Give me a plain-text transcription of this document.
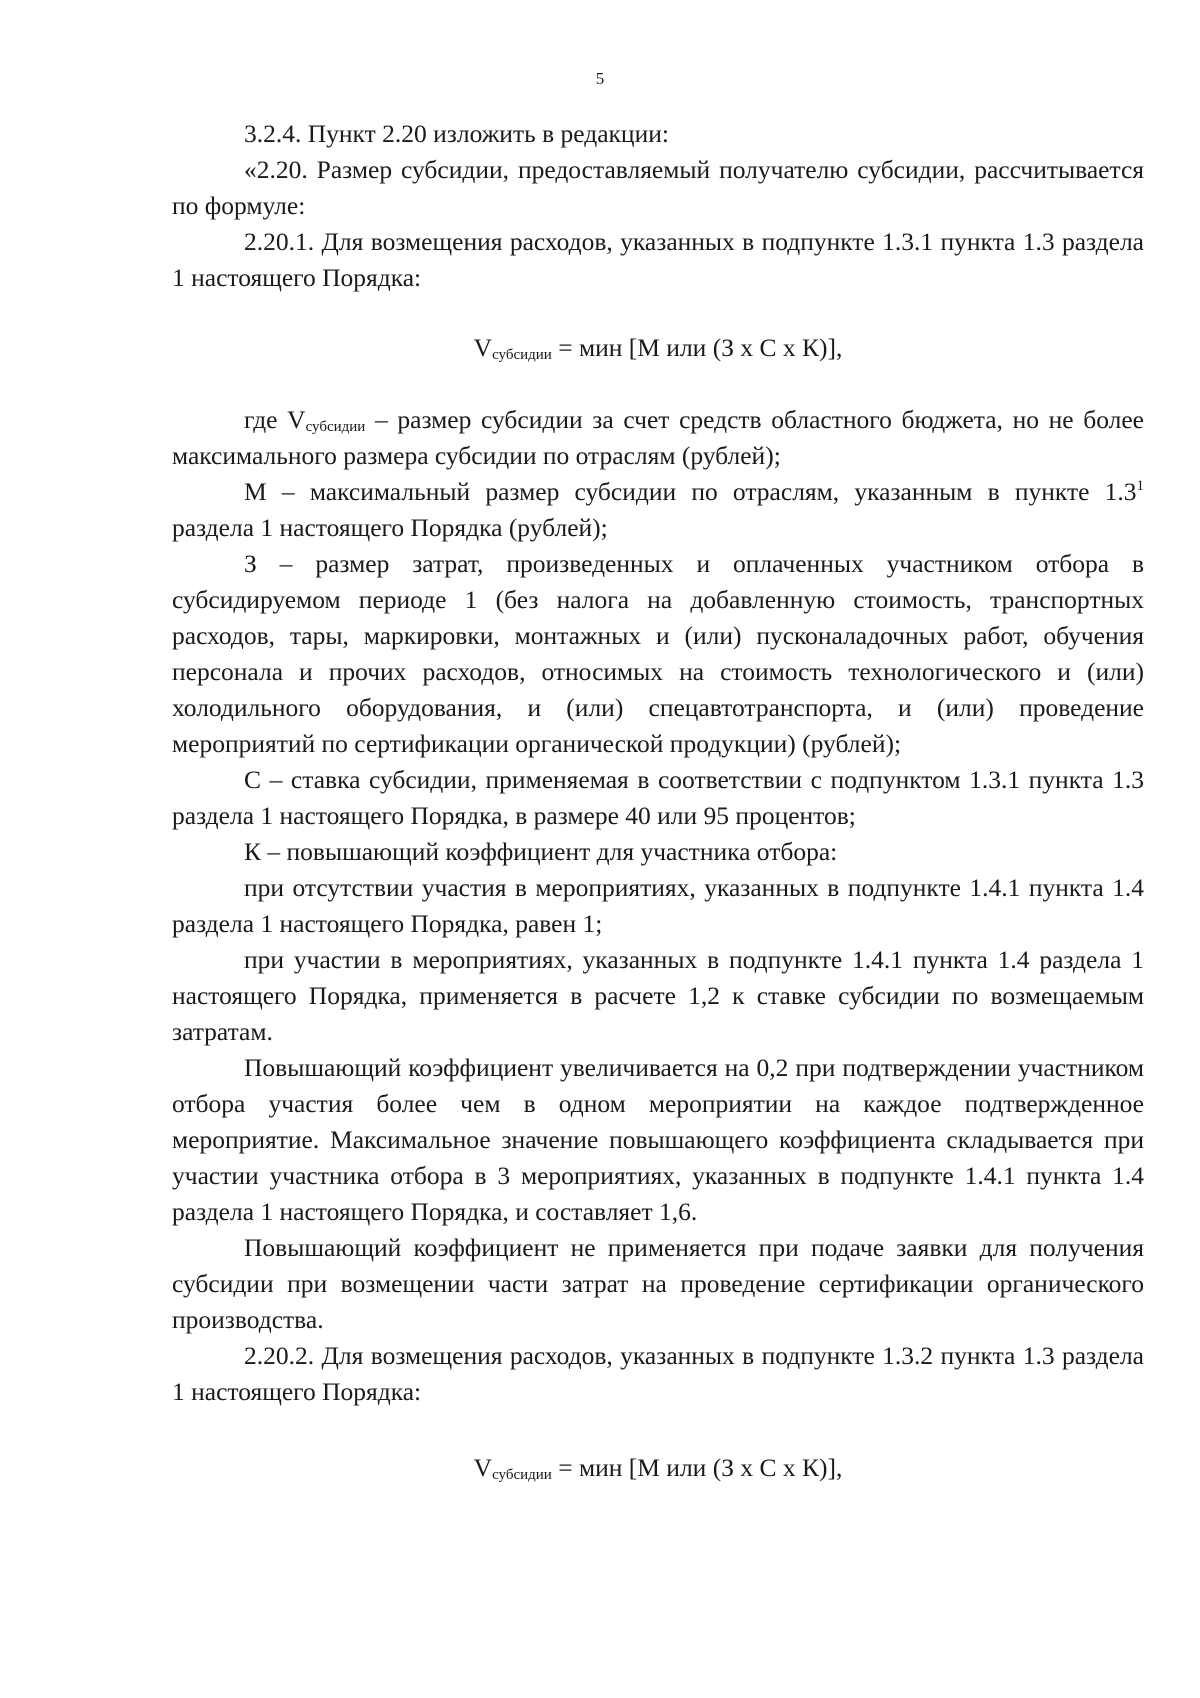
5

3.2.4. Пункт 2.20 изложить в редакции:

«2.20. Размер субсидии, предоставляемый получателю субсидии, рассчитывается по формуле:

2.20.1. Для возмещения расходов, указанных в подпункте 1.3.1 пункта 1.3 раздела 1 настоящего Порядка:

$V_{субсидии}$ = мин [М или (З х С х К)],

где $V_{субсидии}$ – размер субсидии за счет средств областного бюджета, но не более максимального размера субсидии по отраслям (рублей);

М – максимальный размер субсидии по отраслям, указанным в пункте 1.3$^1$ раздела 1 настоящего Порядка (рублей);

З – размер затрат, произведенных и оплаченных участником отбора в субсидируемом периоде 1 (без налога на добавленную стоимость, транспортных расходов, тары, маркировки, монтажных и (или) пусконаладочных работ, обучения персонала и прочих расходов, относимых на стоимость технологического и (или) холодильного оборудования, и (или) спецавтотранспорта, и (или) проведение мероприятий по сертификации органической продукции) (рублей);

С – ставка субсидии, применяемая в соответствии с подпунктом 1.3.1 пункта 1.3 раздела 1 настоящего Порядка, в размере 40 или 95 процентов;

К – повышающий коэффициент для участника отбора:

при отсутствии участия в мероприятиях, указанных в подпункте 1.4.1 пункта 1.4 раздела 1 настоящего Порядка, равен 1;

при участии в мероприятиях, указанных в подпункте 1.4.1 пункта 1.4 раздела 1 настоящего Порядка, применяется в расчете 1,2 к ставке субсидии по возмещаемым затратам.

Повышающий коэффициент увеличивается на 0,2 при подтверждении участником отбора участия более чем в одном мероприятии на каждое подтвержденное мероприятие. Максимальное значение повышающего коэффициента складывается при участии участника отбора в 3 мероприятиях, указанных в подпункте 1.4.1 пункта 1.4 раздела 1 настоящего Порядка, и составляет 1,6.

Повышающий коэффициент не применяется при подаче заявки для получения субсидии при возмещении части затрат на проведение сертификации органического производства.

2.20.2. Для возмещения расходов, указанных в подпункте 1.3.2 пункта 1.3 раздела 1 настоящего Порядка:

$V_{субсидии}$ = мин [М или (З х С х К)],
